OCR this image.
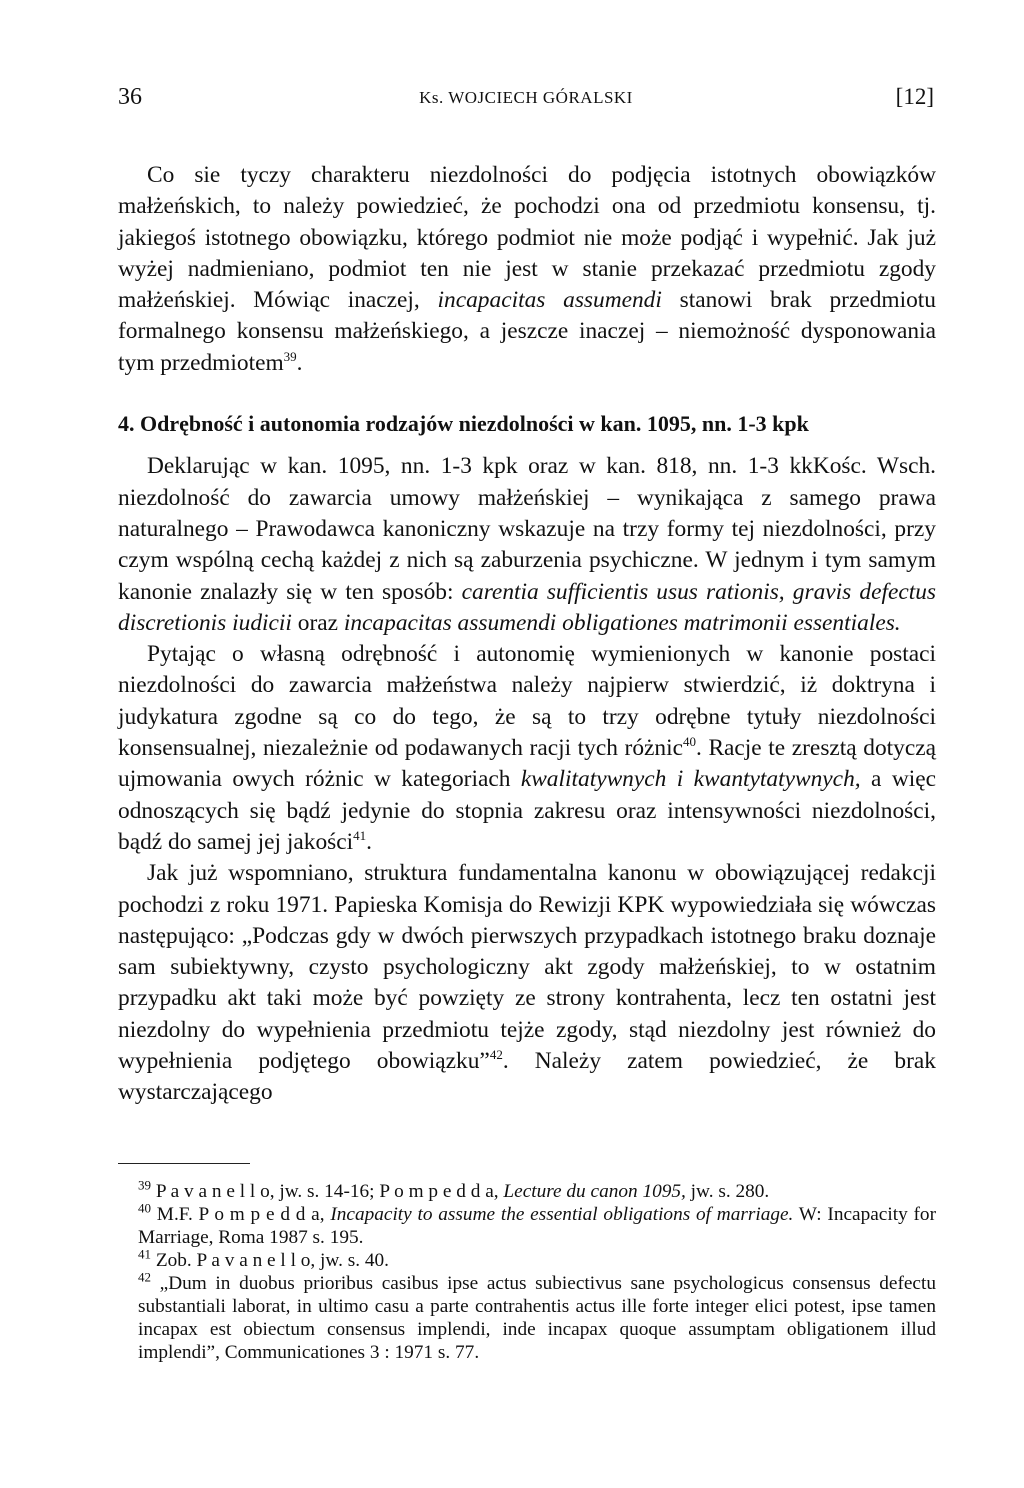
36	Ks. WOJCIECH GÓRALSKI	[12]

Co sie tyczy charakteru niezdolności do podjęcia istotnych obowiązków małżeńskich, to należy powiedzieć, że pochodzi ona od przedmiotu konsensu, tj. jakiegoś istotnego obowiązku, którego podmiot nie może podjąć i wypełnić. Jak już wyżej nadmieniano, podmiot ten nie jest w stanie przekazać przedmiotu zgody małżeńskiej. Mówiąc inaczej, incapacitas assumendi stanowi brak przedmiotu formalnego konsensu małżeńskiego, a jeszcze inaczej – niemożność dysponowania tym przedmiotem$^{39}$.

4. Odrębność i autonomia rodzajów niezdolności w kan. 1095, nn. 1-3 kpk

Deklarując w kan. 1095, nn. 1-3 kpk oraz w kan. 818, nn. 1-3 kkKośc. Wsch. niezdolność do zawarcia umowy małżeńskiej – wynikająca z samego prawa naturalnego – Prawodawca kanoniczny wskazuje na trzy formy tej niezdolności, przy czym wspólną cechą każdej z nich są zaburzenia psychiczne. W jednym i tym samym kanonie znalazły się w ten sposób: carentia sufficientis usus rationis, gravis defectus discretionis iudicii oraz incapacitas assumendi obligationes matrimonii essentiales.

Pytając o własną odrębność i autonomię wymienionych w kanonie postaci niezdolności do zawarcia małżeństwa należy najpierw stwierdzić, iż doktryna i judykatura zgodne są co do tego, że są to trzy odrębne tytuły niezdolności konsensualnej, niezależnie od podawanych racji tych różnic$^{40}$. Racje te zresztą dotyczą ujmowania owych różnic w kategoriach kwalitatywnych i kwantytatywnych, a więc odnoszących się bądź jedynie do stopnia zakresu oraz intensywności niezdolności, bądź do samej jej jakości$^{41}$.

Jak już wspomniano, struktura fundamentalna kanonu w obowiązującej redakcji pochodzi z roku 1971. Papieska Komisja do Rewizji KPK wypowiedziała się wówczas następująco: „Podczas gdy w dwóch pierwszych przypadkach istotnego braku doznaje sam subiektywny, czysto psychologiczny akt zgody małżeńskiej, to w ostatnim przypadku akt taki może być powzięty ze strony kontrahenta, lecz ten ostatni jest niezdolny do wypełnienia przedmiotu tejże zgody, stąd niezdolny jest również do wypełnienia podjętego obowiązku”$^{42}$. Należy zatem powiedzieć, że brak wystarczającego

$^{39}$ P a v a n e l l o, jw. s. 14-16; P o m p e d d a, Lecture du canon 1095, jw. s. 280.

$^{40}$ M.F. P o m p e d d a, Incapacity to assume the essential obligations of marriage. W: Incapacity for Marriage, Roma 1987 s. 195.

$^{41}$ Zob. P a v a n e l l o, jw. s. 40.

$^{42}$ „Dum in duobus prioribus casibus ipse actus subiectivus sane psychologicus consensus defectu substantiali laborat, in ultimo casu a parte contrahentis actus ille forte integer elici potest, ipse tamen incapax est obiectum consensus implendi, inde incapax quoque assumptam obligationem illud implendi”, Communicationes 3 : 1971 s. 77.
